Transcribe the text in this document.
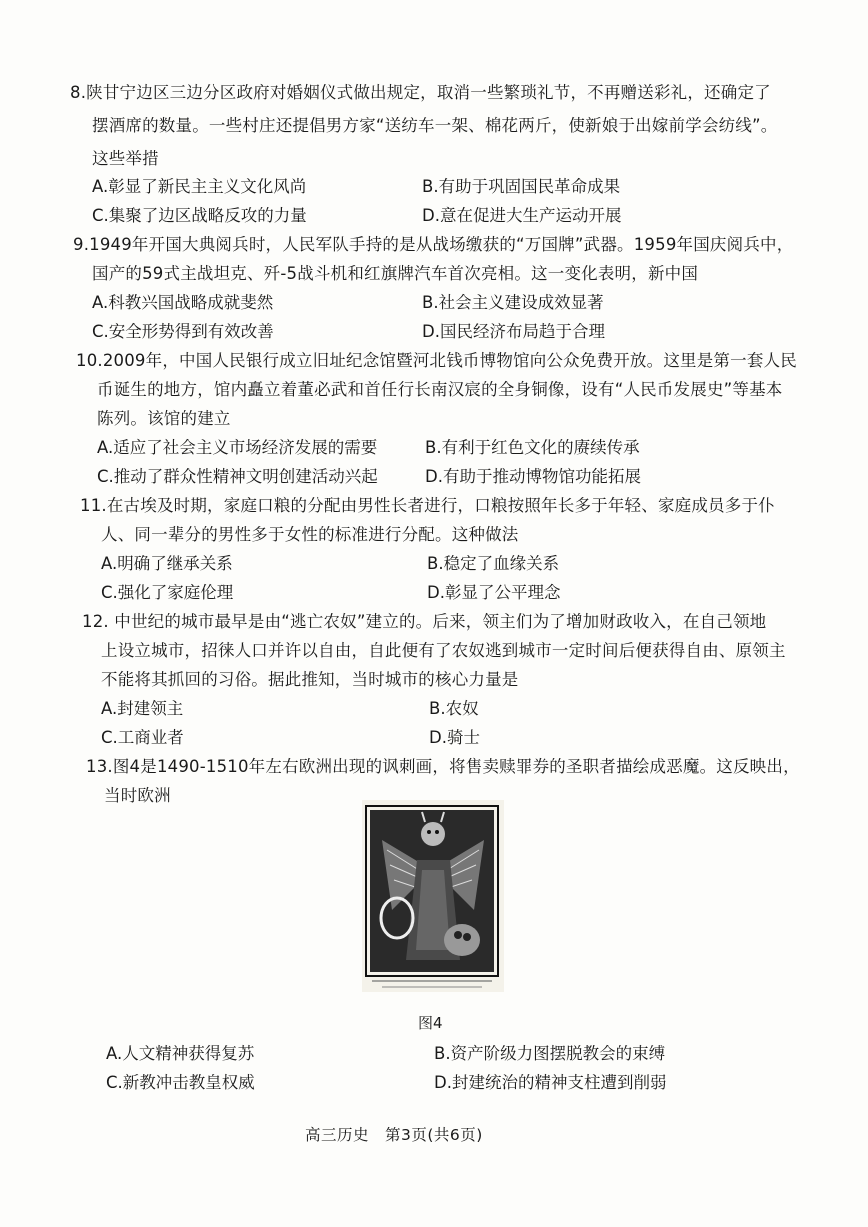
8.陕甘宁边区三边分区政府对婚姻仪式做出规定，取消一些繁琐礼节，不再赠送彩礼，还确定了
摆酒席的数量。一些村庄还提倡男方家“送纺车一架、棉花两斤，使新娘于出嫁前学会纺线”。
这些举措
A.彰显了新民主主义文化风尚	B.有助于巩固国民革命成果
C.集聚了边区战略反攻的力量	D.意在促进大生产运动开展
9.1949年开国大典阅兵时，人民军队手持的是从战场缴获的“万国牌”武器。1959年国庆阅兵中，
国产的59式主战坦克、歼-5战斗机和红旗牌汽车首次亮相。这一变化表明，新中国
A.科教兴国战略成就斐然	B.社会主义建设成效显著
C.安全形势得到有效改善	D.国民经济布局趋于合理
10.2009年，中国人民银行成立旧址纪念馆暨河北钱币博物馆向公众免费开放。这里是第一套人民
币诞生的地方，馆内矗立着董必武和首任行长南汉宸的全身铜像，设有“人民币发展史”等基本
陈列。该馆的建立
A.适应了社会主义市场经济发展的需要	B.有利于红色文化的赓续传承
C.推动了群众性精神文明创建活动兴起	D.有助于推动博物馆功能拓展
11.在古埃及时期，家庭口粮的分配由男性长者进行，口粮按照年长多于年轻、家庭成员多于仆
人、同一辈分的男性多于女性的标准进行分配。这种做法
A.明确了继承关系	B.稳定了血缘关系
C.强化了家庭伦理	D.彰显了公平理念
12. 中世纪的城市最早是由“逃亡农奴”建立的。后来，领主们为了增加财政收入，在自己领地
上设立城市，招徕人口并许以自由，自此便有了农奴逃到城市一定时间后便获得自由、原领主
不能将其抓回的习俗。据此推知，当时城市的核心力量是
A.封建领主	B.农奴
C.工商业者	D.骑士
13.图4是1490-1510年左右欧洲出现的讽刺画，将售卖赎罪券的圣职者描绘成恶魔。这反映出，
当时欧洲
图4
A.人文精神获得复苏	B.资产阶级力图摆脱教会的束缚
C.新教冲击教皇权威	D.封建统治的精神支柱遭到削弱
高三历史　第3页(共6页)
